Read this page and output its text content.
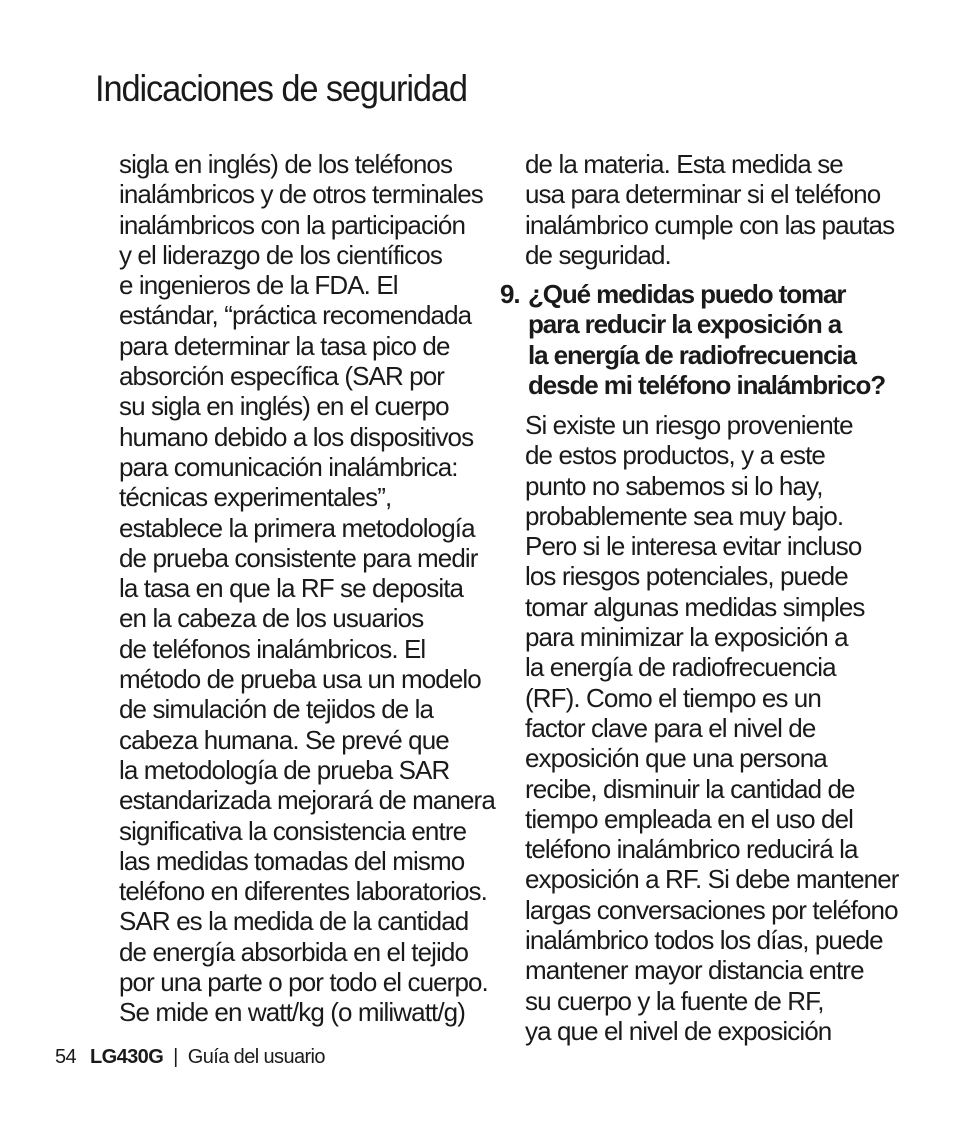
Indicaciones de seguridad
sigla en inglés) de los teléfonos
inalámbricos y de otros terminales
inalámbricos con la participación
y el liderazgo de los científicos
e ingenieros de la FDA. El
estándar, “práctica recomendada
para determinar la tasa pico de
absorción específica (SAR por
su sigla en inglés) en el cuerpo
humano debido a los dispositivos
para comunicación inalámbrica:
técnicas experimentales”,
establece la primera metodología
de prueba consistente para medir
la tasa en que la RF se deposita
en la cabeza de los usuarios
de teléfonos inalámbricos. El
método de prueba usa un modelo
de simulación de tejidos de la
cabeza humana. Se prevé que
la metodología de prueba SAR
estandarizada mejorará de manera
significativa la consistencia entre
las medidas tomadas del mismo
teléfono en diferentes laboratorios.
SAR es la medida de la cantidad
de energía absorbida en el tejido
por una parte o por todo el cuerpo.
Se mide en watt/kg (o miliwatt/g)
de la materia. Esta medida se
usa para determinar si el teléfono
inalámbrico cumple con las pautas
de seguridad.
9. ¿Qué medidas puedo tomar
para reducir la exposición a
la energía de radiofrecuencia
desde mi teléfono inalámbrico?
Si existe un riesgo proveniente
de estos productos, y a este
punto no sabemos si lo hay,
probablemente sea muy bajo.
Pero si le interesa evitar incluso
los riesgos potenciales, puede
tomar algunas medidas simples
para minimizar la exposición a
la energía de radiofrecuencia
(RF). Como el tiempo es un
factor clave para el nivel de
exposición que una persona
recibe, disminuir la cantidad de
tiempo empleada en el uso del
teléfono inalámbrico reducirá la
exposición a RF. Si debe mantener
largas conversaciones por teléfono
inalámbrico todos los días, puede
mantener mayor distancia entre
su cuerpo y la fuente de RF,
ya que el nivel de exposición
54 LG430G | Guía del usuario
